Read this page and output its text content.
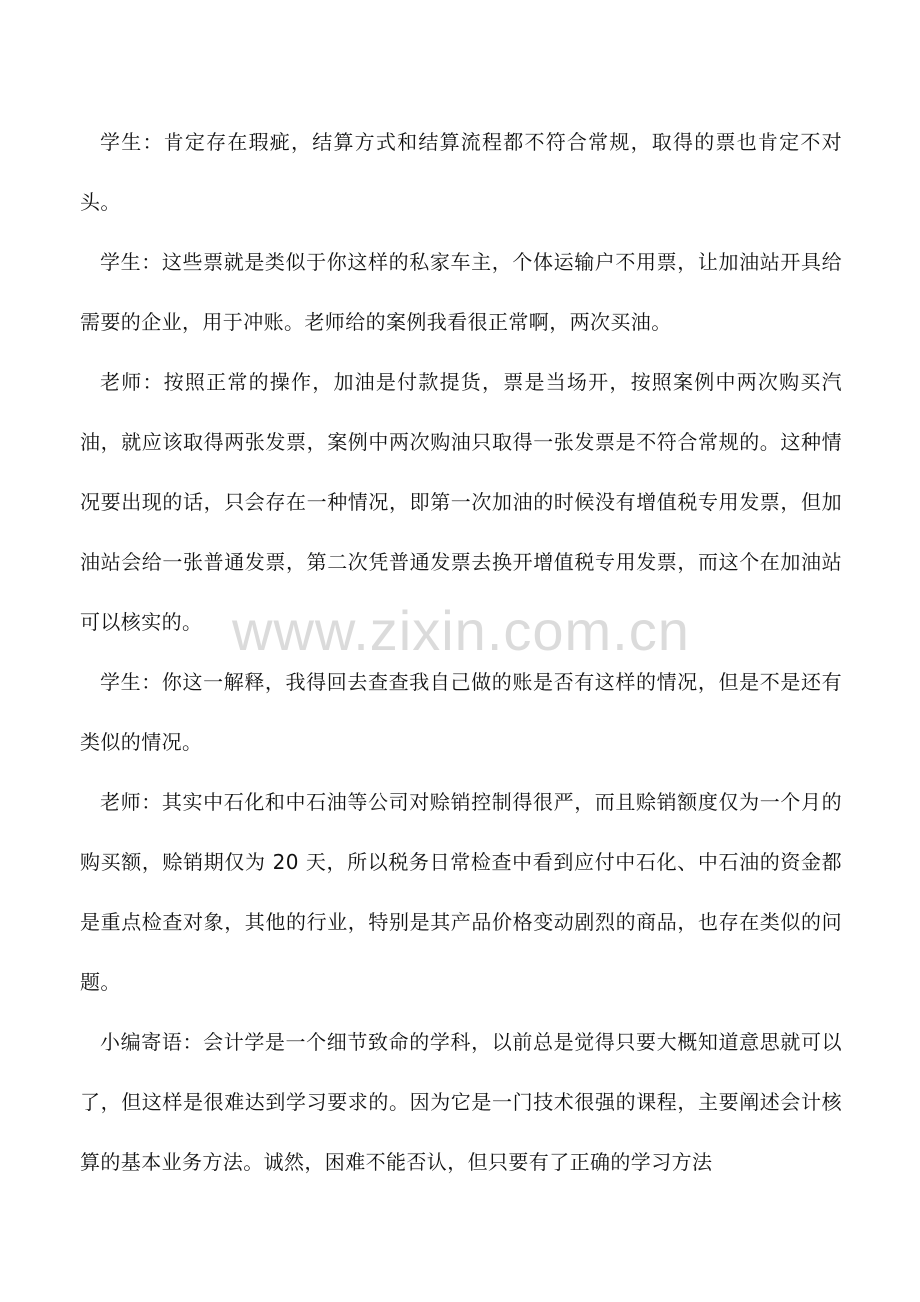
学生：肯定存在瑕疵，结算方式和结算流程都不符合常规，取得的票也肯定不对头。

学生：这些票就是类似于你这样的私家车主，个体运输户不用票，让加油站开具给需要的企业，用于冲账。老师给的案例我看很正常啊，两次买油。

老师：按照正常的操作，加油是付款提货，票是当场开，按照案例中两次购买汽油，就应该取得两张发票，案例中两次购油只取得一张发票是不符合常规的。这种情况要出现的话，只会存在一种情况，即第一次加油的时候没有增值税专用发票，但加油站会给一张普通发票，第二次凭普通发票去换开增值税专用发票，而这个在加油站可以核实的。

学生：你这一解释，我得回去查查我自己做的账是否有这样的情况，但是不是还有类似的情况。

老师：其实中石化和中石油等公司对赊销控制得很严，而且赊销额度仅为一个月的购买额，赊销期仅为 20 天，所以税务日常检查中看到应付中石化、中石油的资金都是重点检查对象，其他的行业，特别是其产品价格变动剧烈的商品，也存在类似的问题。

小编寄语：会计学是一个细节致命的学科，以前总是觉得只要大概知道意思就可以了，但这样是很难达到学习要求的。因为它是一门技术很强的课程，主要阐述会计核算的基本业务方法。诚然，困难不能否认，但只要有了正确的学习方法

www.zixin.com.cn
